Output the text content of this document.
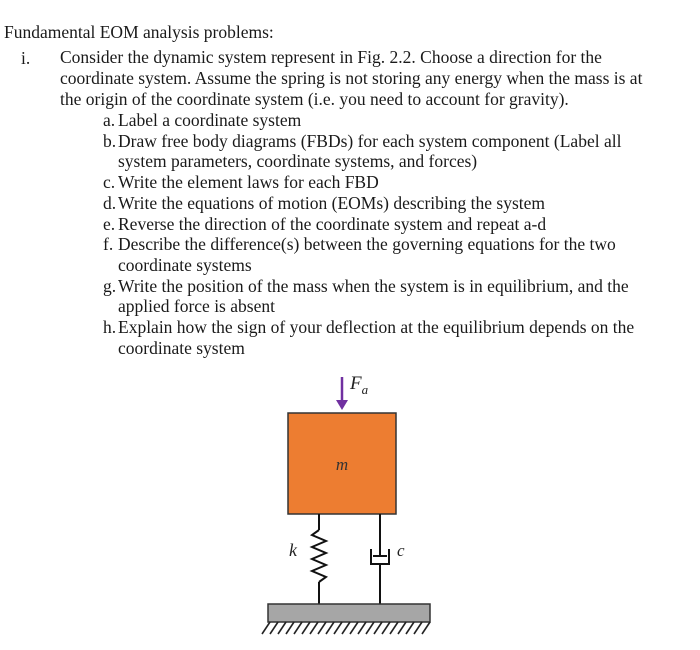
Fundamental EOM analysis problems:
i. Consider the dynamic system represent in Fig. 2.2. Choose a direction for the
coordinate system. Assume the spring is not storing any energy when the mass is at
the origin of the coordinate system (i.e. you need to account for gravity).
a. Label a coordinate system
b. Draw free body diagrams (FBDs) for each system component (Label all
system parameters, coordinate systems, and forces)
c. Write the element laws for each FBD
d. Write the equations of motion (EOMs) describing the system
e. Reverse the direction of the coordinate system and repeat a-d
f. Describe the difference(s) between the governing equations for the two
coordinate systems
g. Write the position of the mass when the system is in equilibrium, and the
applied force is absent
h. Explain how the sign of your deflection at the equilibrium depends on the
coordinate system
$F_a$
m
k	c
